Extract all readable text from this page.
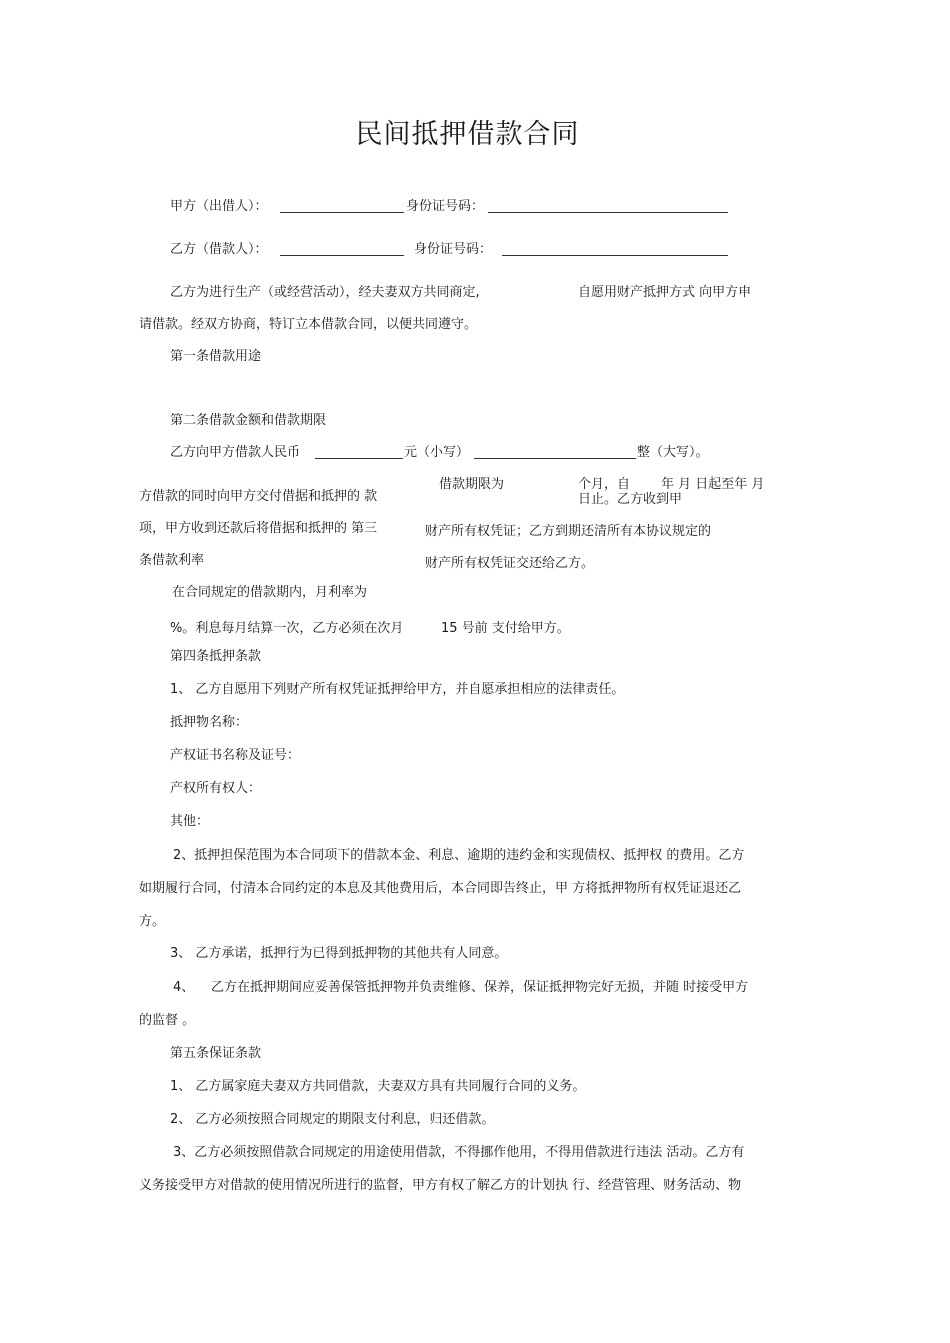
民间抵押借款合同
甲方（出借人）：	身份证号码：
乙方（借款人）：	身份证号码：
乙方为进行生产（或经营活动），经夫妻双方共同商定,	自愿用财产抵押方式 向甲方申
请借款。经双方协商，特订立本借款合同，以便共同遵守。
第一条借款用途
第二条借款金额和借款期限
乙方向甲方借款人民币	元（小写）	整（大写）。
借款期限为	个月，自 年 月 日起至年 月
日止。乙方收到甲
方借款的同时向甲方交付借据和抵押的 款
项，甲方收到还款后将借据和抵押的 第三
条借款利率
财产所有权凭证；乙方到期还清所有本协议规定的
财产所有权凭证交还给乙方。
在合同规定的借款期内，月利率为
%。利息每月结算一次，乙方必须在次月	15 号前 支付给甲方。
第四条抵押条款
1、 乙方自愿用下列财产所有权凭证抵押给甲方，并自愿承担相应的法律责任。
抵押物名称：
产权证书名称及证号：
产权所有权人：
其他：
2、抵押担保范围为本合同项下的借款本金、利息、逾期的违约金和实现债权、抵押权 的费用。乙方
如期履行合同，付清本合同约定的本息及其他费用后，本合同即告终止，甲 方将抵押物所有权凭证退还乙
方。
3、 乙方承诺，抵押行为已得到抵押物的其他共有人同意。
4、 乙方在抵押期间应妥善保管抵押物并负责维修、保养，保证抵押物完好无损，并随 时接受甲方
的监督 。
第五条保证条款
1、 乙方属家庭夫妻双方共同借款，夫妻双方具有共同履行合同的义务。
2、 乙方必须按照合同规定的期限支付利息，归还借款。
3、乙方必须按照借款合同规定的用途使用借款，不得挪作他用，不得用借款进行违法 活动。乙方有
义务接受甲方对借款的使用情况所进行的监督，甲方有权了解乙方的计划执 行、经营管理、财务活动、物
